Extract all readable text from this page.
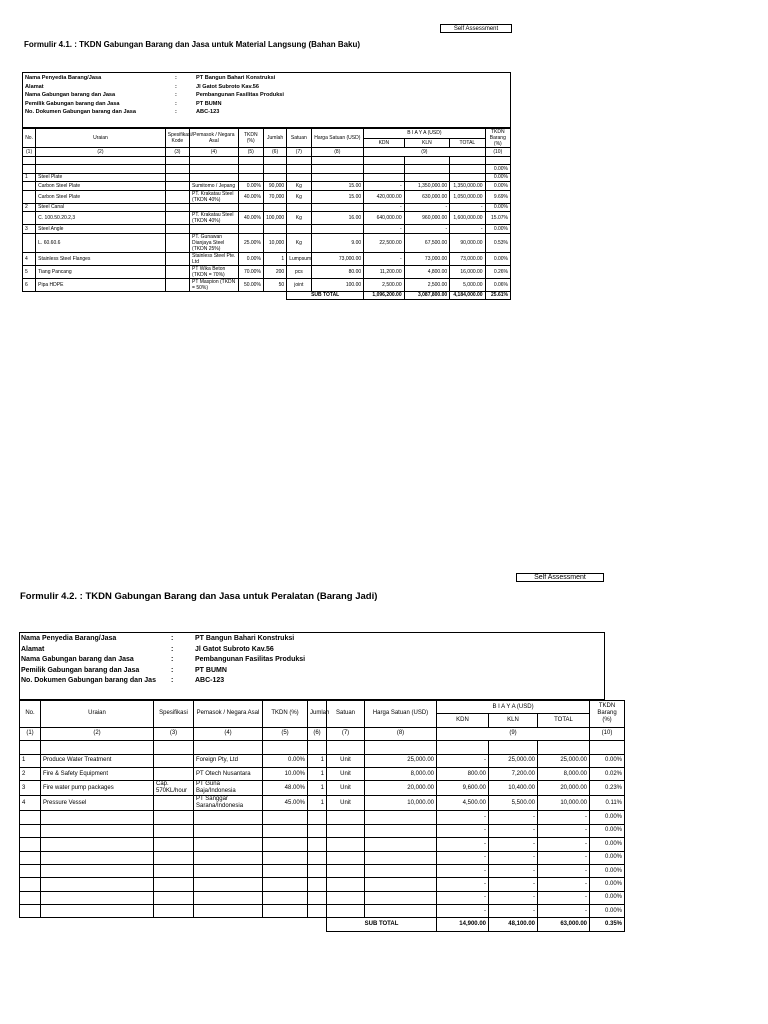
Self Assessment
Formulir 4.1. : TKDN Gabungan Barang dan Jasa untuk Material Langsung (Bahan Baku)
Nama Penyedia Barang/Jasa	:	PT Bangun Bahari Konstruksi
Alamat	:	Jl Gatot Subroto Kav.56
Nama Gabungan barang dan Jasa	:	Pembangunan Fasilitas Produksi
Pemilik Gabungan barang dan Jasa	:	PT BUMN
No. Dokumen Gabungan barang dan Jasa	:	ABC-123
No.	Uraian	Spesifikasi/ Kode	Pemasok / Negara Asal	TKDN (%)	Jumlah	Satuan	Harga Satuan (USD)	B I A Y A (USD)			TKDN Barang (%)
								KDN	KLN	TOTAL	
(1)	(2)	(3)	(4)	(5)	(6)	(7)	(8)	(9)			(10)

											0.00%
1	Steel Plate										0.00%
	Carbon Steel Plate		Sumitomo / Jepang	0.00%	90,000	Kg	15.00	-	1,350,000.00	1,350,000.00	0.00%
	Carbon Steel Plate		PT. Krakatau Steel (TKDN 40%)	40.00%	70,000	Kg	15.00	420,000.00	630,000.00	1,050,000.00	9.69%
2	Steel Canal							-	-	-	0.00%
	C. 100.50.20.2,3		PT. Krakatau Steel (TKDN 40%)	40.00%	100,000	Kg	16.00	640,000.00	960,000.00	1,600,000.00	15.07%
3	Steel Angle							-	-	-	0.00%
	L. 60.60.6		PT. Gunawan Dianjaya Steel (TKDN 25%)	25.00%	10,000	Kg	9.00	22,500.00	67,500.00	90,000.00	0.53%
4	Stainless Steel Flanges		Stainless Steel Pte. Ltd	0.00%	1	Lumpsum	73,000.00	-	73,000.00	73,000.00	0.00%
5	Tiang Pancang		PT Wika Beton (TKDN = 70%)	70.00%	200	pcs	80.00	11,200.00	4,800.00	16,000.00	0.26%
6	Pipa HDPE		PT Maspion (TKDN = 50%)	50.00%	50	joint	100.00	2,500.00	2,500.00	5,000.00	0.06%
						SUB TOTAL		1,096,200.00	3,087,800.00	4,184,000.00	25.61%
Self Assessment
Formulir 4.2. : TKDN Gabungan Barang dan Jasa untuk Peralatan (Barang Jadi)
Nama Penyedia Barang/Jasa	:	PT Bangun Bahari Konstruksi
Alamat	:	Jl Gatot Subroto Kav.56
Nama Gabungan barang dan Jasa	:	Pembangunan Fasilitas Produksi
Pemilik Gabungan barang dan Jasa	:	PT BUMN
No. Dokumen Gabungan barang dan Jas :	ABC-123
No.	Uraian	Spesifikasi	Pemasok / Negara Asal	TKDN (%)	Jumlah	Satuan	Harga Satuan (USD)	B I A Y A (USD)			TKDN Barang (%)
								KDN	KLN	TOTAL	
(1)	(2)	(3)	(4)	(5)	(6)	(7)	(8)	(9)			(10)

1	Produce Water Treatment		Foreign Pty, Ltd	0.00%	1	Unit	25,000.00	-	25,000.00	25,000.00	0.00%
2	Fire & Safety Equipment		PT Otech Nusantara	10.00%	1	Unit	8,000.00	800.00	7,200.00	8,000.00	0.02%
3	Fire water pump packages	Cap. 570KL/hour	PT Guna Baja/Indonesia	48.00%	1	Unit	20,000.00	9,600.00	10,400.00	20,000.00	0.23%
4	Pressure Vessel		PT Sanggar Sarana/Indonesia	45.00%	1	Unit	10,000.00	4,500.00	5,500.00	10,000.00	0.11%
								-	-	-	0.00%
								-	-	-	0.00%
								-	-	-	0.00%
								-	-	-	0.00%
								-	-	-	0.00%
								-	-	-	0.00%
								-	-	-	0.00%
								-	-	-	0.00%
						SUB TOTAL		14,900.00	48,100.00	63,000.00	0.35%
